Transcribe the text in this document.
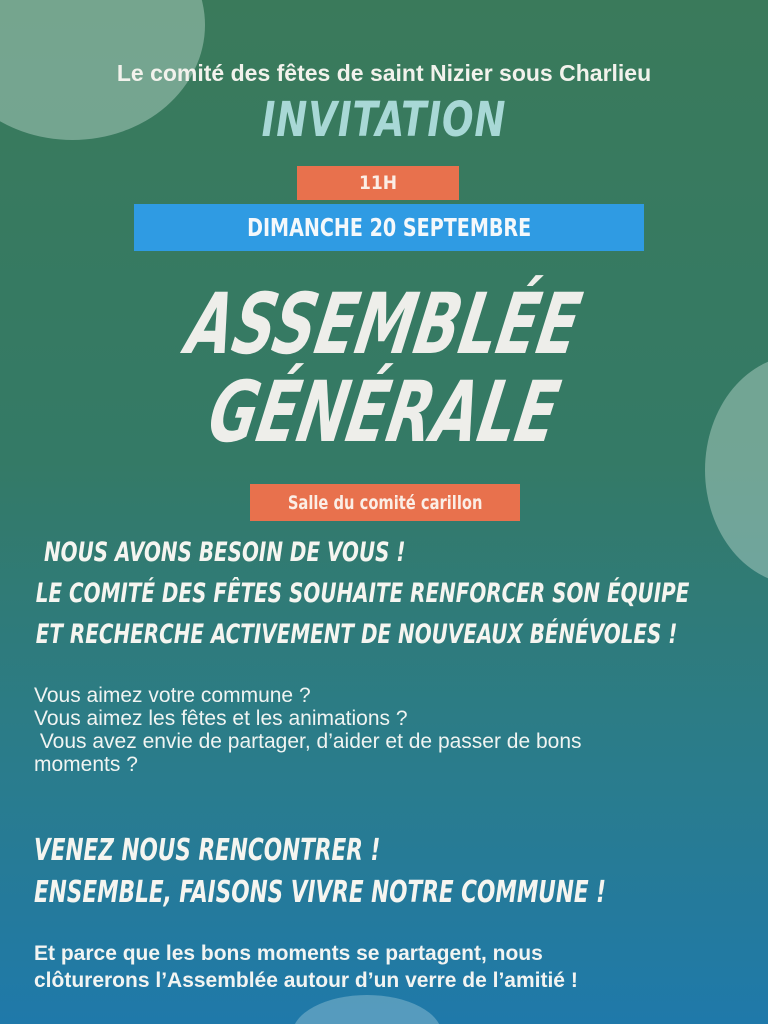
Le comité des fêtes de saint Nizier sous Charlieu
INVITATION
11H
DIMANCHE 20 SEPTEMBRE
ASSEMBLÉE
GÉNÉRALE
Salle du comité carillon
NOUS AVONS BESOIN DE VOUS !
LE COMITÉ DES FÊTES SOUHAITE RENFORCER SON ÉQUIPE
ET RECHERCHE ACTIVEMENT DE NOUVEAUX BÉNÉVOLES !
Vous aimez votre commune ?
Vous aimez les fêtes et les animations ?
Vous avez envie de partager, d’aider et de passer de bons
moments ?
VENEZ NOUS RENCONTRER !
ENSEMBLE, FAISONS VIVRE NOTRE COMMUNE !
Et parce que les bons moments se partagent, nous
clôturerons l’Assemblée autour d’un verre de l’amitié !
